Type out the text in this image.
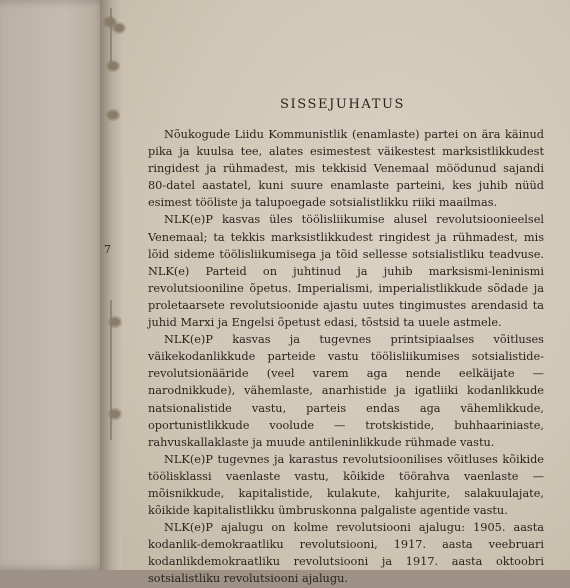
7
SISSEJUHATUS

Nõukogude Liidu Kommunistlik (enamlaste) partei on ära käinud pika ja kuulsa tee, alates esimestest väikestest marksistlikkudest ringidest ja rühmadest, mis tekkisid Venemaal möödunud sajandi 80-datel aastatel, kuni suure enamlaste parteini, kes juhib nüüd esimest tööliste ja talupoegade sotsialistlikku riiki maailmas.

NLK(e)P kasvas üles töölisliikumise alusel revolutsioonieelsel Venemaal; ta tekkis marksistlikkudest ringidest ja rühmadest, mis lõid sideme töölisliikumisega ja tõid sellesse sotsialistliku teadvuse. NLK(e) Parteid on juhtinud ja juhib marksismi-leninismi revolutsiooniline õpetus. Imperialismi, imperialistlikkude sõdade ja proletaarsete revolutsioonide ajastu uutes tingimustes arendasid ta juhid Marxi ja Engelsi õpetust edasi, tõstsid ta uuele astmele.

NLK(e)P kasvas ja tugevnes printsipiaalses võitluses väikekodanlikkude parteide vastu töölisliikumises sotsialistide-revolutsionääride (veel varem aga nende eelkäijate — narodnikkude), vähemlaste, anarhistide ja igatliiki kodanlikkude natsionalistide vastu, parteis endas aga vähemlikkude, oportunistlikkude voolude — trotskistide, buhhaariniaste, rahvuskallaklaste ja muude antileninlikkude rühmade vastu.

NLK(e)P tugevnes ja karastus revolutsioonilises võitluses kõikide töölisklassi vaenlaste vastu, kõikide töörahva vaenlaste — mõisnikkude, kapitalistide, kulakute, kahjurite, salakuulajate, kõikide kapitalistlikku ümbruskonna palgaliste agentide vastu.

NLK(e)P ajalugu on kolme revolutsiooni ajalugu: 1905. aasta kodanlik-demokraatliku revolutsiooni, 1917. aasta veebruari kodanlikdemokraatliku revolutsiooni ja 1917. aasta oktoobri sotsialistliku revolutsiooni ajalugu.
